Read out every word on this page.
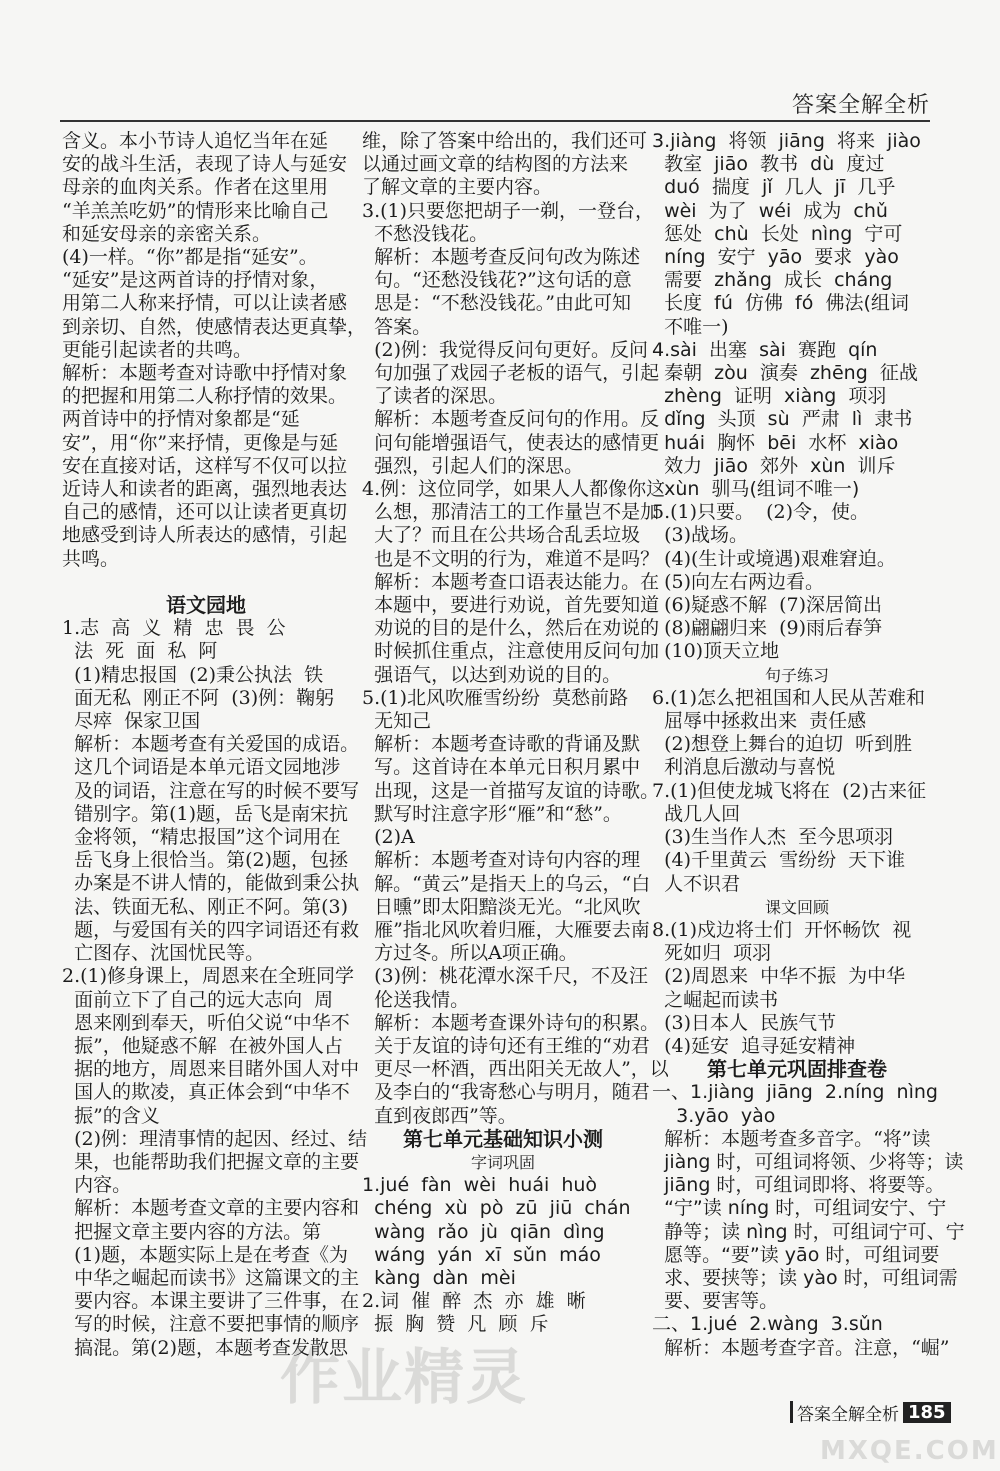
答案全解全析
含义。本小节诗人追忆当年在延
安的战斗生活，表现了诗人与延安
母亲的血肉关系。作者在这里用
“羊羔羔吃奶”的情形来比喻自己
和延安母亲的亲密关系。
(4)一样。“你”都是指“延安”。
“延安”是这两首诗的抒情对象，
用第二人称来抒情，可以让读者感
到亲切、自然，使感情表达更真挚，
更能引起读者的共鸣。
解析：本题考查对诗歌中抒情对象
的把握和用第二人称抒情的效果。
两首诗中的抒情对象都是“延
安”，用“你”来抒情，更像是与延
安在直接对话，这样写不仅可以拉
近诗人和读者的距离，强烈地表达
自己的感情，还可以让读者更真切
地感受到诗人所表达的感情，引起
共鸣。
语文园地
1.志  高  义  精  忠  畏  公
法  死  面  私  阿
(1)精忠报国  (2)秉公执法  铁
面无私  刚正不阿  (3)例：鞠躬
尽瘁  保家卫国
解析：本题考查有关爱国的成语。
这几个词语是本单元语文园地涉
及的词语，注意在写的时候不要写
错别字。第(1)题，岳飞是南宋抗
金将领，“精忠报国”这个词用在
岳飞身上很恰当。第(2)题，包拯
办案是不讲人情的，能做到秉公执
法、铁面无私、刚正不阿。第(3)
题，与爱国有关的四字词语还有救
亡图存、沈国忧民等。
2.(1)修身课上，周恩来在全班同学
面前立下了自己的远大志向  周
恩来刚到奉天，听伯父说“中华不
振”，他疑惑不解  在被外国人占
据的地方，周恩来目睹外国人对中
国人的欺凌，真正体会到“中华不
振”的含义
(2)例：理清事情的起因、经过、结
果，也能帮助我们把握文章的主要
内容。
解析：本题考查文章的主要内容和
把握文章主要内容的方法。第
(1)题，本题实际上是在考查《为
中华之崛起而读书》这篇课文的主
要内容。本课主要讲了三件事，在
写的时候，注意不要把事情的顺序
搞混。第(2)题，本题考查发散思
维，除了答案中给出的，我们还可
以通过画文章的结构图的方法来
了解文章的主要内容。
3.(1)只要您把胡子一剃，一登台，
不愁没钱花。
解析：本题考查反问句改为陈述
句。“还愁没钱花?”这句话的意
思是：“不愁没钱花。”由此可知
答案。
(2)例：我觉得反问句更好。反问
句加强了戏园子老板的语气，引起
了读者的深思。
解析：本题考查反问句的作用。反
问句能增强语气，使表达的感情更
强烈，引起人们的深思。
4.例：这位同学，如果人人都像你这
么想，那清洁工的工作量岂不是加
大了？而且在公共场合乱丢垃圾
也是不文明的行为，难道不是吗？
解析：本题考查口语表达能力。在
本题中，要进行劝说，首先要知道
劝说的目的是什么，然后在劝说的
时候抓住重点，注意使用反问句加
强语气，以达到劝说的目的。
5.(1)北风吹雁雪纷纷  莫愁前路
无知己
解析：本题考查诗歌的背诵及默
写。这首诗在本单元日积月累中
出现，这是一首描写友谊的诗歌。
默写时注意字形“雁”和“愁”。
(2)A
解析：本题考查对诗句内容的理
解。“黄云”是指天上的乌云，“白
日曛”即太阳黯淡无光。“北风吹
雁”指北风吹着归雁，大雁要去南
方过冬。所以A项正确。
(3)例：桃花潭水深千尺，不及汪
伦送我情。
解析：本题考查课外诗句的积累。
关于友谊的诗句还有王维的“劝君
更尽一杯酒，西出阳关无故人”，以
及李白的“我寄愁心与明月，随君
直到夜郎西”等。
第七单元基础知识小测
字词巩固
1.jué  fàn  wèi  huái  huò
chéng  xù  pò  zū  jiū  chán
wàng  rǎo  jù  qiān  dìng
wáng  yán  xī  sǔn  máo
kàng  dàn  mèi
2.词  催  醉  杰  亦  雄  晰
振  胸  赞  凡  顾  斥
3.jiàng  将领  jiāng  将来  jiào
教室  jiāo  教书  dù  度过
duó  揣度  jǐ  几人  jī  几乎
wèi  为了  wéi  成为  chǔ
惩处  chù  长处  nìng  宁可
níng  安宁  yāo  要求  yào
需要  zhǎng  成长  cháng
长度  fú  仿佛  fó  佛法(组词
不唯一)
4.sài  出塞  sài  赛跑  qín
秦朝  zòu  演奏  zhēng  征战
zhèng  证明  xiàng  项羽
dǐng  头顶  sù  严肃  lì  隶书
huái  胸怀  bēi  水杯  xiào
效力  jiāo  郊外  xùn  训斥
xùn  驯马(组词不唯一)
5.(1)只要。  (2)令，使。
(3)战场。
(4)(生计或境遇)艰难窘迫。
(5)向左右两边看。
(6)疑惑不解  (7)深居简出
(8)翩翩归来  (9)雨后春笋
(10)顶天立地
句子练习
6.(1)怎么把祖国和人民从苦难和
屈辱中拯救出来  责任感
(2)想登上舞台的迫切  听到胜
利消息后激动与喜悦
7.(1)但使龙城飞将在  (2)古来征
战几人回
(3)生当作人杰  至今思项羽
(4)千里黄云  雪纷纷  天下谁
人不识君
课文回顾
8.(1)戍边将士们  开怀畅饮  视
死如归  项羽
(2)周恩来  中华不振  为中华
之崛起而读书
(3)日本人  民族气节
(4)延安  追寻延安精神
第七单元巩固排查卷
一、1.jiàng  jiāng  2.níng  nìng
3.yāo  yào
解析：本题考查多音字。“将”读
jiàng 时，可组词将领、少将等；读
jiāng 时，可组词即将、将要等。
“宁”读 níng 时，可组词安宁、宁
静等；读 nìng 时，可组词宁可、宁
愿等。“要”读 yāo 时，可组词要
求、要挟等；读 yào 时，可组词需
要、要害等。
二、1.jué  2.wàng  3.sǔn
解析：本题考查字音。注意，“崛”
作业精灵
MXQE.COM
答案全解全析 185
